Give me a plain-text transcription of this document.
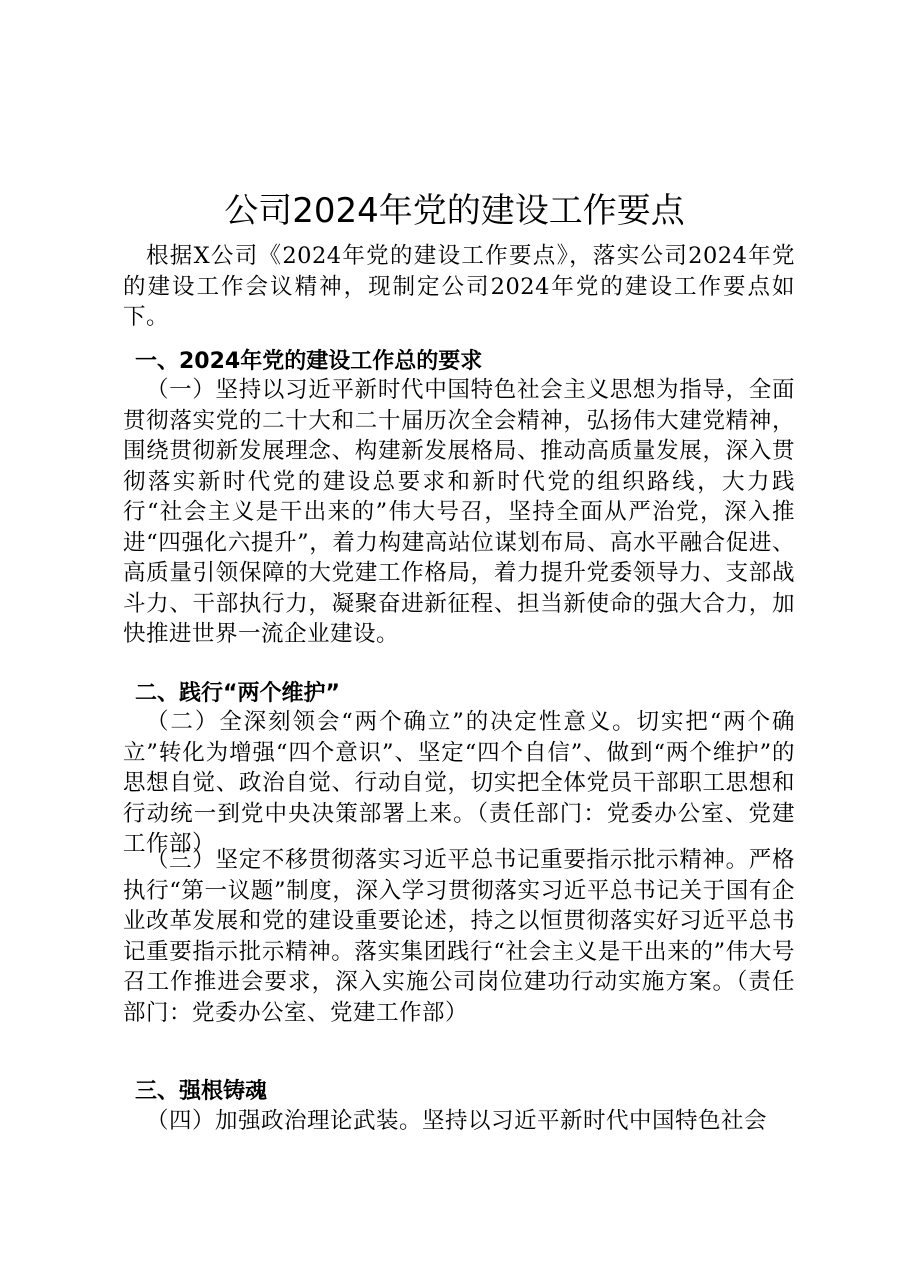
公司2024年党的建设工作要点

根据X公司《2024年党的建设工作要点》，落实公司2024年党的建设工作会议精神，现制定公司2024年党的建设工作要点如下。

一、2024年党的建设工作总的要求

（一）坚持以习近平新时代中国特色社会主义思想为指导，全面贯彻落实党的二十大和二十届历次全会精神，弘扬伟大建党精神，围绕贯彻新发展理念、构建新发展格局、推动高质量发展，深入贯彻落实新时代党的建设总要求和新时代党的组织路线，大力践行“社会主义是干出来的”伟大号召，坚持全面从严治党，深入推进“四强化六提升”，着力构建高站位谋划布局、高水平融合促进、高质量引领保障的大党建工作格局，着力提升党委领导力、支部战斗力、干部执行力，凝聚奋进新征程、担当新使命的强大合力，加快推进世界一流企业建设。

二、践行“两个维护”

（二）全深刻领会“两个确立”的决定性意义。切实把“两个确立”转化为增强“四个意识”、坚定“四个自信”、做到“两个维护”的思想自觉、政治自觉、行动自觉，切实把全体党员干部职工思想和行动统一到党中央决策部署上来。（责任部门：党委办公室、党建工作部）

（三）坚定不移贯彻落实习近平总书记重要指示批示精神。严格执行“第一议题”制度，深入学习贯彻落实习近平总书记关于国有企业改革发展和党的建设重要论述，持之以恒贯彻落实好习近平总书记重要指示批示精神。落实集团践行“社会主义是干出来的”伟大号召工作推进会要求，深入实施公司岗位建功行动实施方案。（责任部门：党委办公室、党建工作部）

三、强根铸魂

（四）加强政治理论武装。坚持以习近平新时代中国特色社会
